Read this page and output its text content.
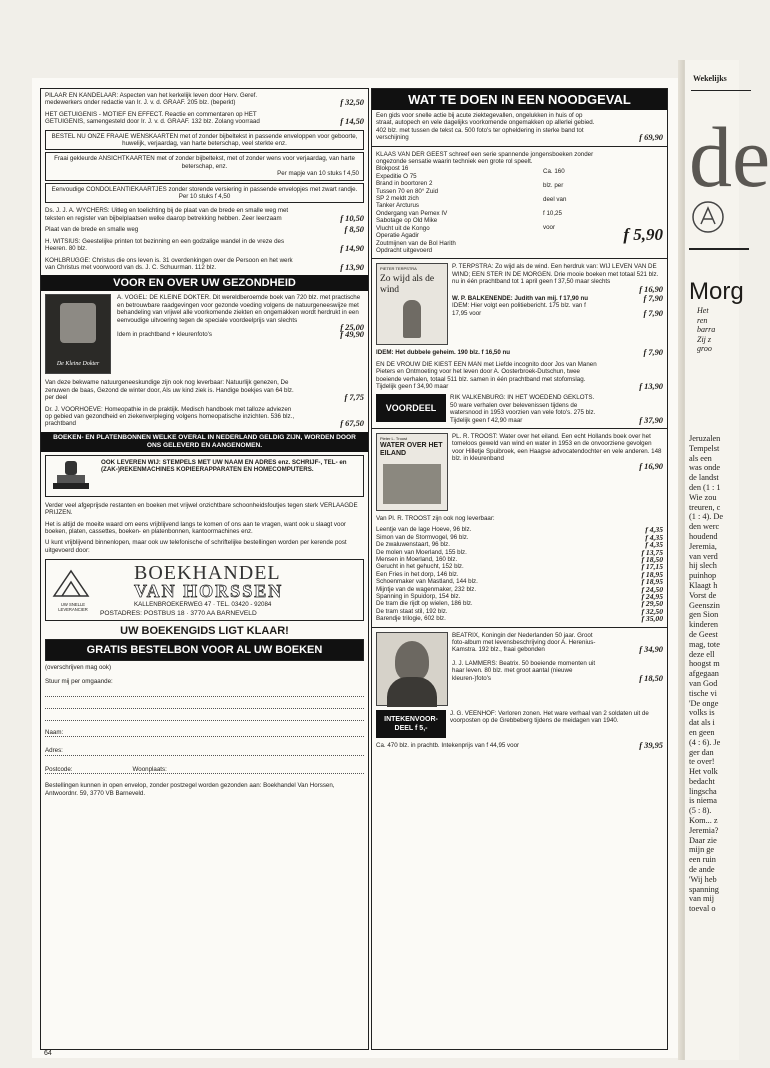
Wekelijks
de
Morg
Het
ren
barra
Zij z
groo
Jeruzalen
Tempelst
als een
was onde
de landst
den (1 : 1
Wie zou
treuren, c
(1 : 4). De
den werc
houdend
Jeremia,
van verd
hij slech
puinhop
Klaagt h
Vorst de
Geenszin
gen Sion
kinderen
de Geest
mag, tote
deze ell
hoogst m
afgegaan
van God
tische vi
'De onge
volks is
dat als i
en geen
(4 : 6). Je
ger dan
te over!
Het volk
bedacht
lingscha
is niema
(5 : 8).
Kom... z
Jeremia?
Daar zie
mijn ge
een ruin
de ande
'Wij heb
spanning
van mij
toeval o
PILAAR EN KANDELAAR: Aspecten van het kerkelijk leven door Herv. Geref. medewerkers onder redactie van Ir. J. v. d. GRAAF. 205 blz. (beperkt)	f 32,50
HET GETUIGENIS - MOTIEF EN EFFECT. Reactie en commentaren op HET GETUIGENIS, samengesteld door Ir. J. v. d. GRAAF. 132 blz. Zolang voorraad	f 14,50
BESTEL NU ONZE FRAAIE WENSKAARTEN met of zonder bijbeltekst in passende enveloppen voor geboorte, huwelijk, verjaardag, van harte beterschap, veel sterkte enz.
Fraai gekleurde ANSICHTKAARTEN met of zonder bijbeltekst, met of zonder wens voor verjaardag, van harte beterschap, enz.
Per mapje van 10 stuks f 4,50
Eenvoudige CONDOLEANTIEKAARTJES zonder storende versiering in passende envelopjes met zwart randje. Per 10 stuks f 4,50
Ds. J. J. A. WYCHERS: Uitleg en toelichting bij de plaat van de brede en smalle weg met teksten en register van bijbelplaatsen welke daarop betrekking hebben. Zeer leerzaam	f 10,50
Plaat van de brede en smalle weg	f 8,50
H. WITSIUS: Geestelijke printen tot bezinning en een godzalige wandel in de vreze des Heeren. 80 blz.	f 14,90
KOHLBRUGGE: Christus die ons leven is. 31 overdenkingen over de Persoon en het werk van Christus met voorwoord van ds. J. C. Schuurman. 112 blz.	f 13,90
VOOR EN OVER UW GEZONDHEID
De Kleine Dokter
A. VOGEL: DE KLEINE DOKTER. Dit wereldberoemde boek van 720 blz. met practische en betrouwbare raadgevingen voor gezonde voeding volgens de natuurgeneeswijze met behandeling van vrijwel alle voorkomende ziekten en ongemakken wordt herdrukt in een eenvoudige uitvoering tegen de speciale voordeelprijs van slechts
f 25,00
Idem in prachtband + kleurenfoto's	f 49,90
Van deze bekwame natuurgeneeskundige zijn ook nog leverbaar: Natuurlijk genezen, De zenuwen de baas, Gezond de winter door, Als uw kind ziek is. Handige boekjes van 64 blz. per deel	f 7,75
Dr. J. VOORHOEVE: Homeopathie in de praktijk. Medisch handboek met talloze adviezen op gebied van gezondheid en ziekenverpleging volgens homeopatische inzichten. 536 blz., prachtband	f 67,50
BOEKEN- EN PLATENBONNEN WELKE OVERAL IN NEDERLAND GELDIG ZIJN, WORDEN DOOR ONS GELEVERD EN AANGENOMEN.
OOK LEVEREN WIJ: STEMPELS MET UW NAAM EN ADRES enz. SCHRIJF-, TEL- en (ZAK-)REKENMACHINES KOPIEERAPPARATEN EN HOMECOMPUTERS.
Verder veel afgeprijsde restanten en boeken met vrijwel onzichtbare schoonheidsfoutjes tegen sterk VERLAAGDE PRIJZEN.
Het is altijd de moeite waard om eens vrijblijvend langs te komen of ons aan te vragen, want ook u slaagt voor boeken, platen, cassettes, boeken- en platenbonnen, kantoormachines enz.
U kunt vrijblijvend binnenlopen, maar ook uw telefonische of schriftelijke bestellingen worden per kerende post uitgevoerd door:
UW SNELLE LEVERANCIER
BOEKHANDEL
VAN HORSSEN
KALLENBROEKERWEG 47 · TEL. 03420 - 92084
POSTADRES: POSTBUS 18 · 3770 AA BARNEVELD
UW BOEKENGIDS LIGT KLAAR!
GRATIS BESTELBON VOOR AL UW BOEKEN
(overschrijven mag ook)
Stuur mij per omgaande:
Naam:
Adres:
Postcode:	Woonplaats:
Bestellingen kunnen in open envelop, zonder postzegel worden gezonden aan: Boekhandel Van Horssen, Antwoordnr. 59, 3770 VB Barneveld.
64
WAT TE DOEN IN EEN NOODGEVAL
Een gids voor snelle actie bij acute ziektegevallen, ongelukken in huis of op straat, autopech en vele dagelijks voorkomende ongemakken op allerlei gebied. 402 blz. met tussen de tekst ca. 500 foto's ter opheldering in sterke band tot verschijning	f 69,90
KLAAS VAN DER GEEST schreef een serie spannende jongensboeken zonder ongezonde sensatie waarin techniek een grote rol speelt.
Blokpost 16
Expeditie O 75
Brand in boortoren 2
Tussen 70 en 80° Zuid
SP 2 meldt zich
Tanker Arcturus
Ondergang van Pemex IV
Sabotage op Old Mike
Vlucht uit de Kongo
Operatie Agadir
Zoutmijnen van de Bol Harith
Opdracht uitgevoerd
Ca. 160
blz. per
deel van
f 10,25
voor	f 5,90
PIETER TERPSTRA
Zo wijd als de wind
P. TERPSTRA: Zo wijd als de wind. Een herdruk van: WIJ LEVEN VAN DE WIND; EEN STER IN DE MORGEN. Drie mooie boeken met totaal 521 blz. nu in één prachtband tot 1 april geen f 37,50 maar slechts
f 16,90
W. P. BALKENENDE: Judith van mij. f 17,90 nu	f 7,90
IDEM: Hier volgt een politiebericht. 175 blz. van f 17,95 voor	f 7,90
IDEM: Het dubbele geheim. 190 blz. f 16,50 nu	f 7,90
EN DE VROUW DIE KIEST EEN MAN met Liefde incognito door Jos van Manen Pieters en Ontmoeting voor het leven door A. Oosterbroek-Dutschun, twee boeiende verhalen, totaal 511 blz. samen in één prachtband met stofomslag. Tijdelijk geen f 34,90 maar	f 13,90
VOORDEEL
RIK VALKENBURG: IN HET WOEDEND GEKLOTS. 50 ware verhalen over belevenissen tijdens de watersnood in 1953 voorzien van vele foto's. 275 blz. Tijdelijk geen f 42,90 maar	f 37,90
Pieter L. Troost
WATER OVER HET EILAND
PL. R. TROOST: Water over het eiland. Een echt Hollands boek over het tomeloos geweld van wind en water in 1953 en de onvoorziene gevolgen voor Hilletje Spuibroek, een Haagse advocatendochter en vele anderen. 148 blz. in kleurenband
f 16,90
Van Pl. R. TROOST zijn ook nog leverbaar:
Leentje van de lage Hoeve, 96 blz.	f 4,35
Simon van de Stormvogel, 96 blz.	f 4,35
De zwaluwenstaart, 96 blz.	f 4,35
De molen van Moerland, 155 blz.	f 13,75
Mensen in Moerland, 160 blz.	f 18,50
Gerucht in het gehucht, 152 blz.	f 17,15
Een Fries in het dorp, 146 blz.	f 18,95
Schoenmaker van Mastland, 144 blz.	f 18,95
Mijntje van de wagenmaker, 232 blz.	f 24,50
Spanning in Spuidorp, 154 blz.	f 24,95
De tram die rijdt op wielen, 186 blz.	f 29,50
De tram staat stil, 192 blz.	f 32,50
Barendje trilogie, 602 blz.	f 35,00
BEATRIX, Koningin der Nederlanden 50 jaar. Groot foto-album met levensbeschrijving door A. Herenius-Kamstra. 192 blz., fraai gebonden	f 34,90
J. J. LAMMERS: Beatrix. 50 boeiende momenten uit haar leven. 80 blz. met groot aantal (nieuwe kleuren-)foto's	f 18,50
INTEKENVOOR-DEEL f 5,-
J. G. VEENHOF: Verloren zonen. Het ware verhaal van 2 soldaten uit de voorposten op de Grebbeberg tijdens de meidagen van 1940.
Ca. 470 blz. in prachtb. Intekenprijs van f 44,95 voor	f 39,95
